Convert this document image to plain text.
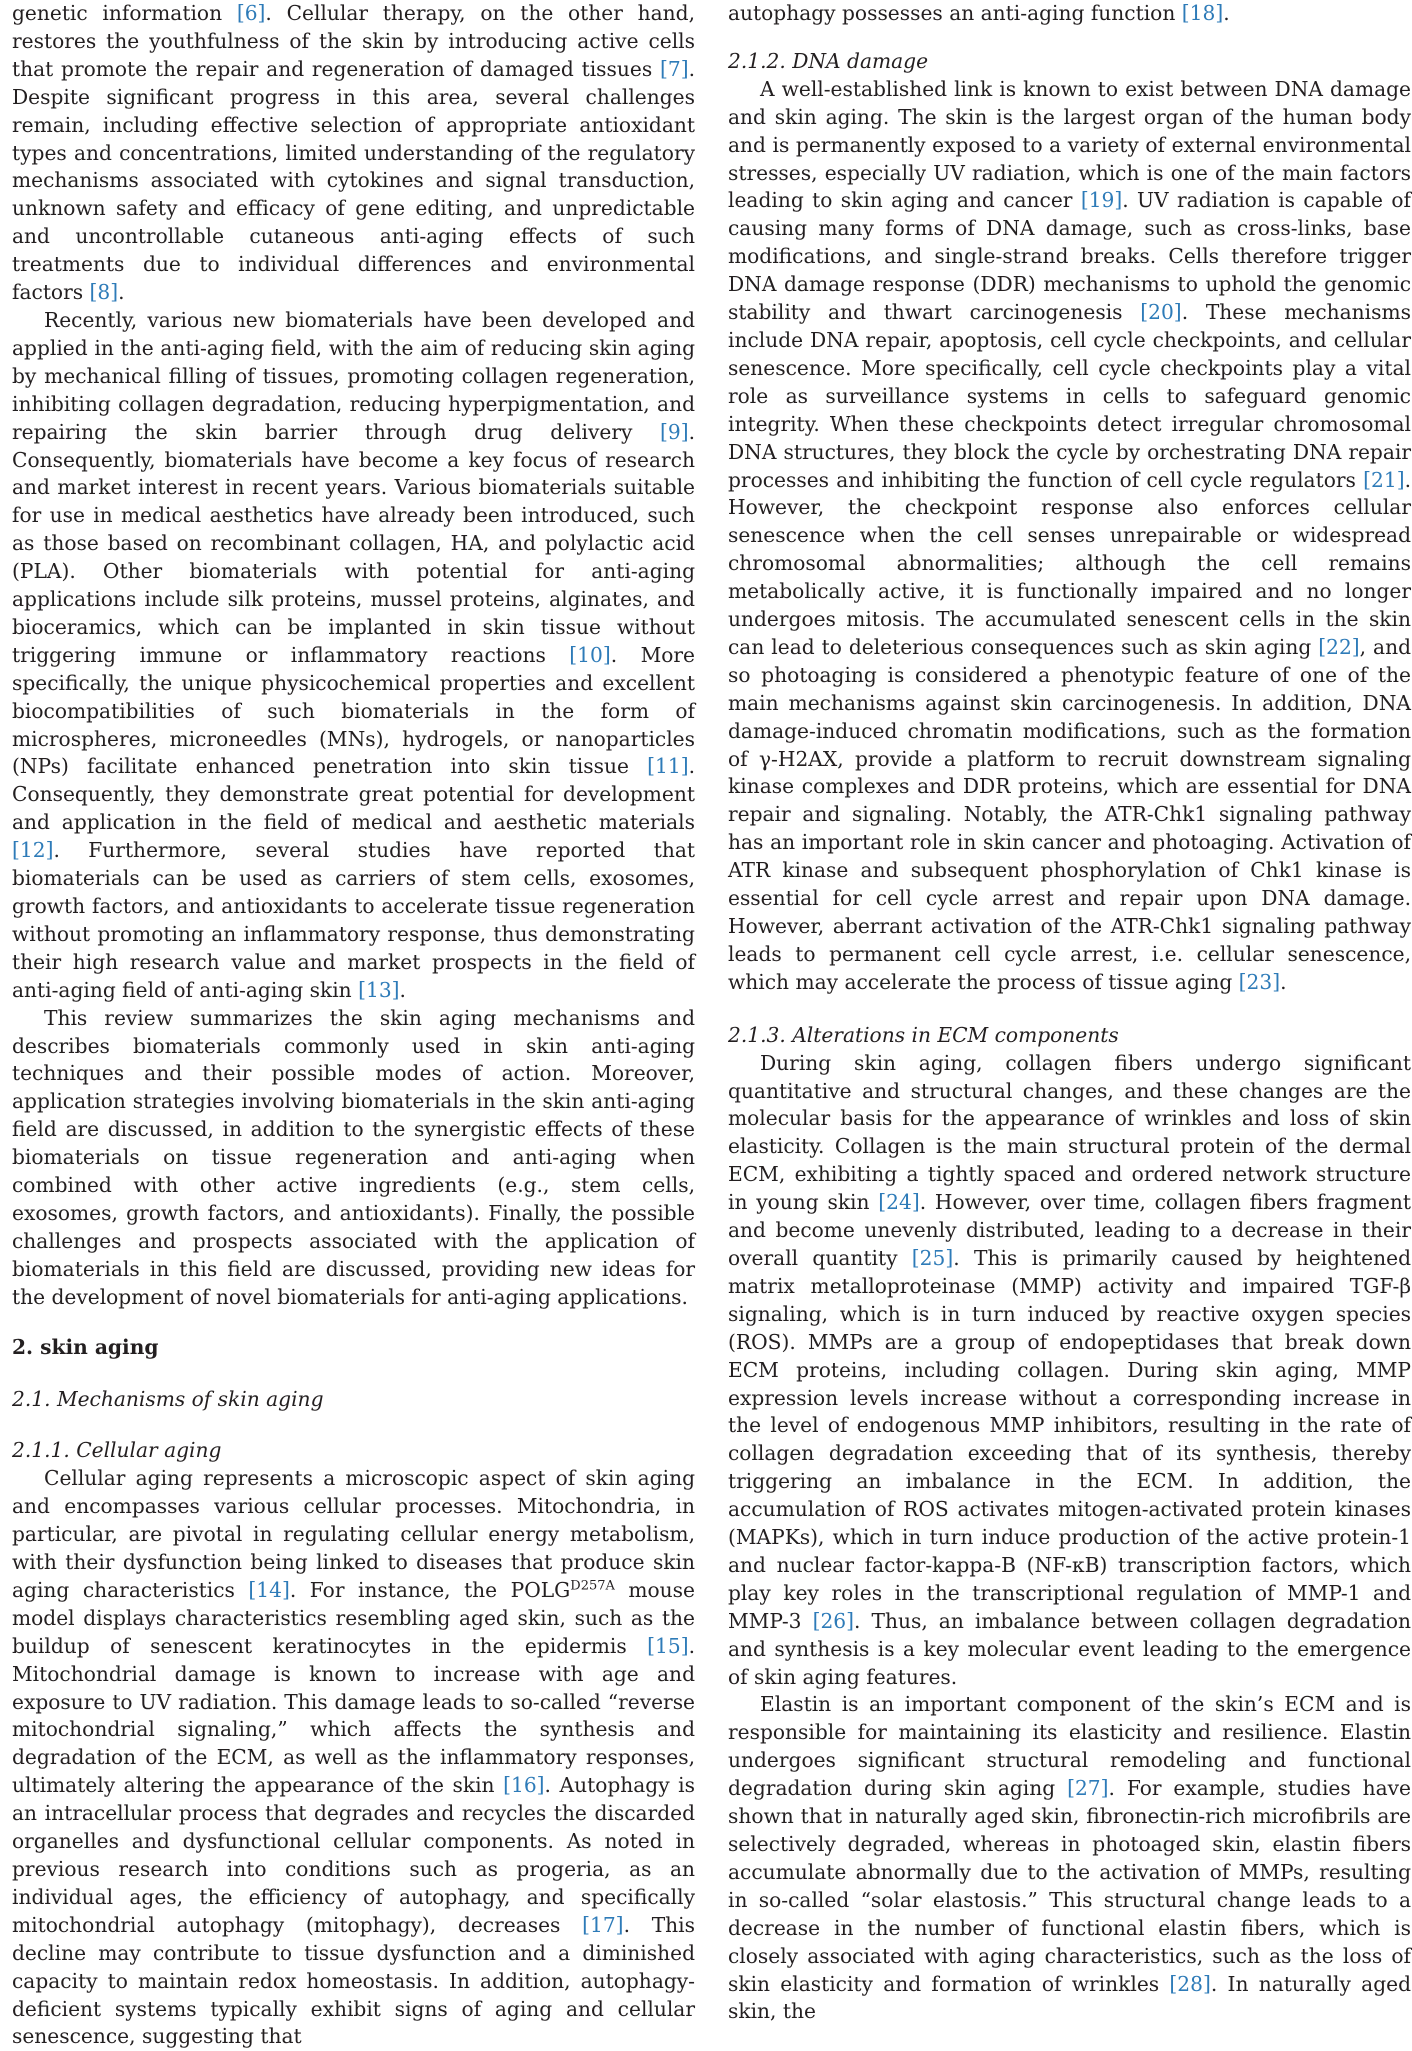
genetic information [6]. Cellular therapy, on the other hand, restores the youthfulness of the skin by introducing active cells that promote the repair and regeneration of damaged tissues [7]. Despite significant progress in this area, several challenges remain, including effective selection of appropriate antioxidant types and concentrations, limited understanding of the regulatory mechanisms associated with cytokines and signal transduction, unknown safety and efficacy of gene editing, and unpredictable and uncontrollable cutaneous anti-aging effects of such treatments due to individual differences and environmental factors [8].

Recently, various new biomaterials have been developed and applied in the anti-aging field, with the aim of reducing skin aging by mechanical filling of tissues, promoting collagen regeneration, inhibiting collagen degradation, reducing hyperpigmentation, and repairing the skin barrier through drug delivery [9]. Consequently, biomaterials have become a key focus of research and market interest in recent years. Various biomaterials suitable for use in medical aesthetics have already been introduced, such as those based on recombinant collagen, HA, and polylactic acid (PLA). Other biomaterials with potential for anti-aging applications include silk proteins, mussel proteins, alginates, and bioceramics, which can be implanted in skin tissue without triggering immune or inflammatory reactions [10]. More specifically, the unique physicochemical properties and excellent biocompatibilities of such biomaterials in the form of microspheres, microneedles (MNs), hydrogels, or nanoparticles (NPs) facilitate enhanced penetration into skin tissue [11]. Consequently, they demonstrate great potential for development and application in the field of medical and aesthetic materials [12]. Furthermore, several studies have reported that biomaterials can be used as carriers of stem cells, exosomes, growth factors, and antioxidants to accelerate tissue regeneration without promoting an inflammatory response, thus demonstrating their high research value and market prospects in the field of anti-aging field of anti-aging skin [13].

This review summarizes the skin aging mechanisms and describes biomaterials commonly used in skin anti-aging techniques and their possible modes of action. Moreover, application strategies involving biomaterials in the skin anti-aging field are discussed, in addition to the synergistic effects of these biomaterials on tissue regeneration and anti-aging when combined with other active ingredients (e.g., stem cells, exosomes, growth factors, and antioxidants). Finally, the possible challenges and prospects associated with the application of biomaterials in this field are discussed, providing new ideas for the development of novel biomaterials for anti-aging applications.

2. skin aging

2.1. Mechanisms of skin aging

2.1.1. Cellular aging

Cellular aging represents a microscopic aspect of skin aging and encompasses various cellular processes. Mitochondria, in particular, are pivotal in regulating cellular energy metabolism, with their dysfunction being linked to diseases that produce skin aging characteristics [14]. For instance, the $POLG^{D257A}$ mouse model displays characteristics resembling aged skin, such as the buildup of senescent keratinocytes in the epidermis [15]. Mitochondrial damage is known to increase with age and exposure to UV radiation. This damage leads to so-called “reverse mitochondrial signaling,” which affects the synthesis and degradation of the ECM, as well as the inflammatory responses, ultimately altering the appearance of the skin [16]. Autophagy is an intracellular process that degrades and recycles the discarded organelles and dysfunctional cellular components. As noted in previous research into conditions such as progeria, as an individual ages, the efficiency of autophagy, and specifically mitochondrial autophagy (mitophagy), decreases [17]. This decline may contribute to tissue dysfunction and a diminished capacity to maintain redox homeostasis. In addition, autophagy-deficient systems typically exhibit signs of aging and cellular senescence, suggesting that

autophagy possesses an anti-aging function [18].

2.1.2. DNA damage

A well-established link is known to exist between DNA damage and skin aging. The skin is the largest organ of the human body and is permanently exposed to a variety of external environmental stresses, especially UV radiation, which is one of the main factors leading to skin aging and cancer [19]. UV radiation is capable of causing many forms of DNA damage, such as cross-links, base modifications, and single-strand breaks. Cells therefore trigger DNA damage response (DDR) mechanisms to uphold the genomic stability and thwart carcinogenesis [20]. These mechanisms include DNA repair, apoptosis, cell cycle checkpoints, and cellular senescence. More specifically, cell cycle checkpoints play a vital role as surveillance systems in cells to safeguard genomic integrity. When these checkpoints detect irregular chromosomal DNA structures, they block the cycle by orchestrating DNA repair processes and inhibiting the function of cell cycle regulators [21]. However, the checkpoint response also enforces cellular senescence when the cell senses unrepairable or widespread chromosomal abnormalities; although the cell remains metabolically active, it is functionally impaired and no longer undergoes mitosis. The accumulated senescent cells in the skin can lead to deleterious consequences such as skin aging [22], and so photoaging is considered a phenotypic feature of one of the main mechanisms against skin carcinogenesis. In addition, DNA damage-induced chromatin modifications, such as the formation of γ-H2AX, provide a platform to recruit downstream signaling kinase complexes and DDR proteins, which are essential for DNA repair and signaling. Notably, the ATR-Chk1 signaling pathway has an important role in skin cancer and photoaging. Activation of ATR kinase and subsequent phosphorylation of Chk1 kinase is essential for cell cycle arrest and repair upon DNA damage. However, aberrant activation of the ATR-Chk1 signaling pathway leads to permanent cell cycle arrest, i.e. cellular senescence, which may accelerate the process of tissue aging [23].

2.1.3. Alterations in ECM components

During skin aging, collagen fibers undergo significant quantitative and structural changes, and these changes are the molecular basis for the appearance of wrinkles and loss of skin elasticity. Collagen is the main structural protein of the dermal ECM, exhibiting a tightly spaced and ordered network structure in young skin [24]. However, over time, collagen fibers fragment and become unevenly distributed, leading to a decrease in their overall quantity [25]. This is primarily caused by heightened matrix metalloproteinase (MMP) activity and impaired TGF-β signaling, which is in turn induced by reactive oxygen species (ROS). MMPs are a group of endopeptidases that break down ECM proteins, including collagen. During skin aging, MMP expression levels increase without a corresponding increase in the level of endogenous MMP inhibitors, resulting in the rate of collagen degradation exceeding that of its synthesis, thereby triggering an imbalance in the ECM. In addition, the accumulation of ROS activates mitogen-activated protein kinases (MAPKs), which in turn induce production of the active protein-1 and nuclear factor-kappa-B (NF-κB) transcription factors, which play key roles in the transcriptional regulation of MMP-1 and MMP-3 [26]. Thus, an imbalance between collagen degradation and synthesis is a key molecular event leading to the emergence of skin aging features.

Elastin is an important component of the skin’s ECM and is responsible for maintaining its elasticity and resilience. Elastin undergoes significant structural remodeling and functional degradation during skin aging [27]. For example, studies have shown that in naturally aged skin, fibronectin-rich microfibrils are selectively degraded, whereas in photoaged skin, elastin fibers accumulate abnormally due to the activation of MMPs, resulting in so-called “solar elastosis.” This structural change leads to a decrease in the number of functional elastin fibers, which is closely associated with aging characteristics, such as the loss of skin elasticity and formation of wrinkles [28]. In naturally aged skin, the
